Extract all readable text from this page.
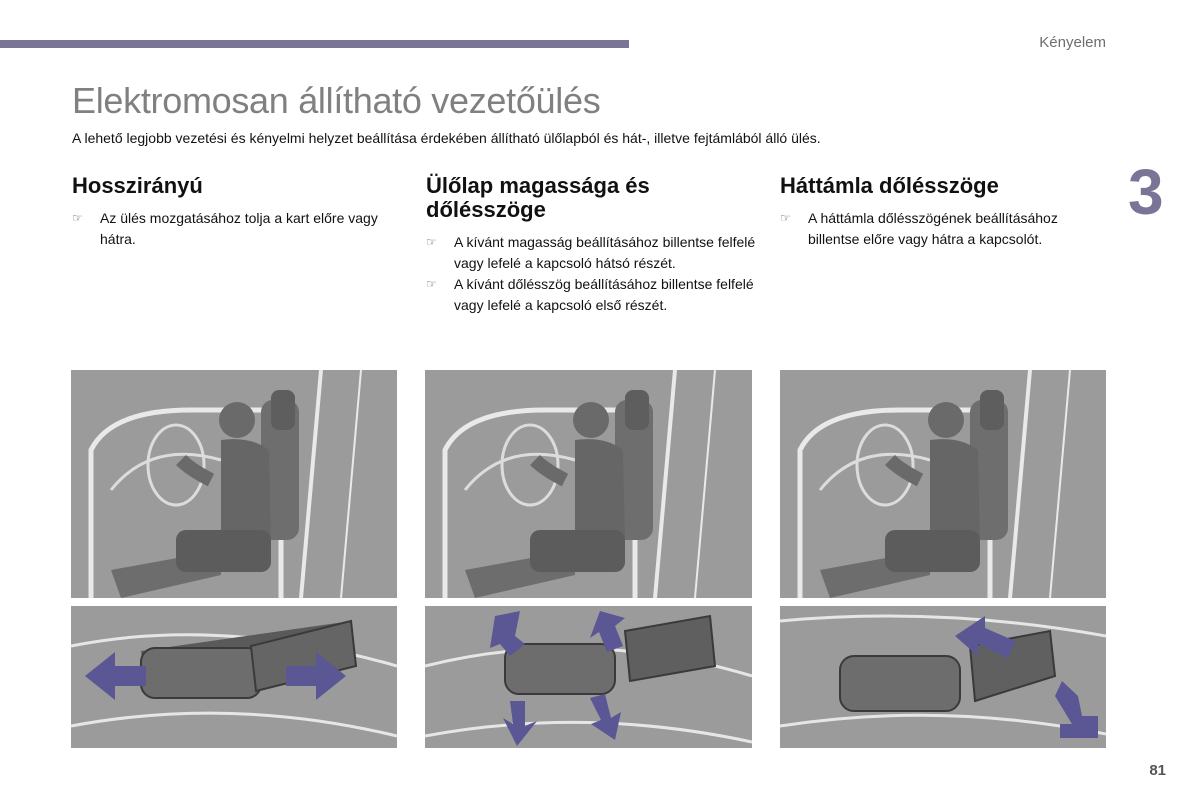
Kényelem
Elektromosan állítható vezetőülés
A lehető legjobb vezetési és kényelmi helyzet beállítása érdekében állítható ülőlapból és hát-, illetve fejtámlából álló ülés.
3
Hosszirányú
☞ Az ülés mozgatásához tolja a kart előre vagy hátra.
Ülőlap magassága és dőlésszöge
☞ A kívánt magasság beállításához billentse felfelé vagy lefelé a kapcsoló hátsó részét.
☞ A kívánt dőlésszög beállításához billentse felfelé vagy lefelé a kapcsoló első részét.
Háttámla dőlésszöge
☞ A háttámla dőlésszögének beállításához billentse előre vagy hátra a kapcsolót.
81
